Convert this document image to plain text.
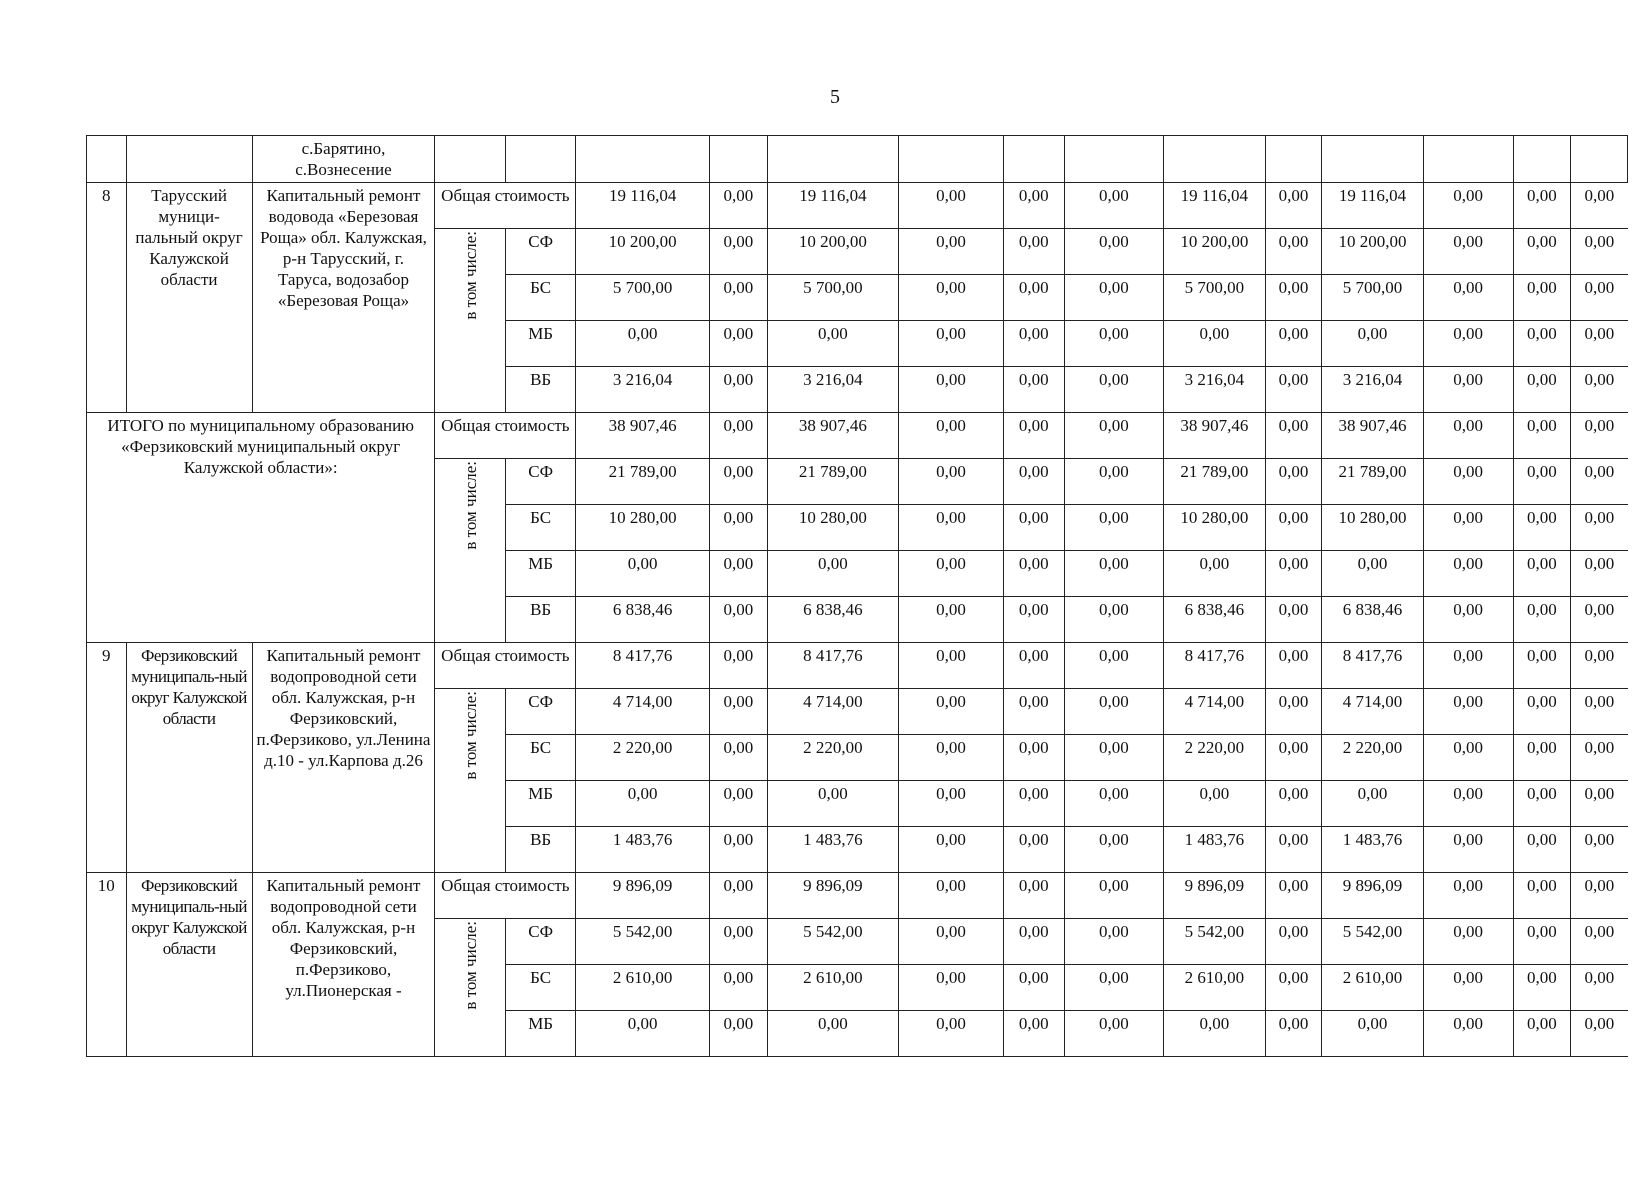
5
		с.Барятино,
с.Вознесение														
8	Тарусский муници-пальный округ Калужской области	Капитальный ремонт водовода «Березовая Роща» обл. Калужская, р-н Тарусский, г. Таруса, водозабор «Березовая Роща»	Общая стоимость		19 116,04	0,00	19 116,04	0,00	0,00	0,00	19 116,04	0,00	19 116,04	0,00	0,00	0,00
			в том числе:	СФ	10 200,00	0,00	10 200,00	0,00	0,00	0,00	10 200,00	0,00	10 200,00	0,00	0,00	0,00
				БС	5 700,00	0,00	5 700,00	0,00	0,00	0,00	5 700,00	0,00	5 700,00	0,00	0,00	0,00
				МБ	0,00	0,00	0,00	0,00	0,00	0,00	0,00	0,00	0,00	0,00	0,00	0,00
				ВБ	3 216,04	0,00	3 216,04	0,00	0,00	0,00	3 216,04	0,00	3 216,04	0,00	0,00	0,00
ИТОГО по муниципальному образованию «Ферзиковский муниципальный округ Калужской области»:			Общая стоимость		38 907,46	0,00	38 907,46	0,00	0,00	0,00	38 907,46	0,00	38 907,46	0,00	0,00	0,00
			в том числе:	СФ	21 789,00	0,00	21 789,00	0,00	0,00	0,00	21 789,00	0,00	21 789,00	0,00	0,00	0,00
				БС	10 280,00	0,00	10 280,00	0,00	0,00	0,00	10 280,00	0,00	10 280,00	0,00	0,00	0,00
				МБ	0,00	0,00	0,00	0,00	0,00	0,00	0,00	0,00	0,00	0,00	0,00	0,00
				ВБ	6 838,46	0,00	6 838,46	0,00	0,00	0,00	6 838,46	0,00	6 838,46	0,00	0,00	0,00
9	Ферзиковский муниципаль-ный округ Калужской области	Капитальный ремонт водопроводной сети обл. Калужская, р-н Ферзиковский, п.Ферзиково, ул.Ленина д.10 - ул.Карпова д.26	Общая стоимость		8 417,76	0,00	8 417,76	0,00	0,00	0,00	8 417,76	0,00	8 417,76	0,00	0,00	0,00
			в том числе:	СФ	4 714,00	0,00	4 714,00	0,00	0,00	0,00	4 714,00	0,00	4 714,00	0,00	0,00	0,00
				БС	2 220,00	0,00	2 220,00	0,00	0,00	0,00	2 220,00	0,00	2 220,00	0,00	0,00	0,00
				МБ	0,00	0,00	0,00	0,00	0,00	0,00	0,00	0,00	0,00	0,00	0,00	0,00
				ВБ	1 483,76	0,00	1 483,76	0,00	0,00	0,00	1 483,76	0,00	1 483,76	0,00	0,00	0,00
10	Ферзиковский муниципаль-ный округ Калужской области	Капитальный ремонт водопроводной сети обл. Калужская, р-н Ферзиковский, п.Ферзиково, ул.Пионерская -	Общая стоимость		9 896,09	0,00	9 896,09	0,00	0,00	0,00	9 896,09	0,00	9 896,09	0,00	0,00	0,00
			в том числе:	СФ	5 542,00	0,00	5 542,00	0,00	0,00	0,00	5 542,00	0,00	5 542,00	0,00	0,00	0,00
				БС	2 610,00	0,00	2 610,00	0,00	0,00	0,00	2 610,00	0,00	2 610,00	0,00	0,00	0,00
				МБ	0,00	0,00	0,00	0,00	0,00	0,00	0,00	0,00	0,00	0,00	0,00	0,00
